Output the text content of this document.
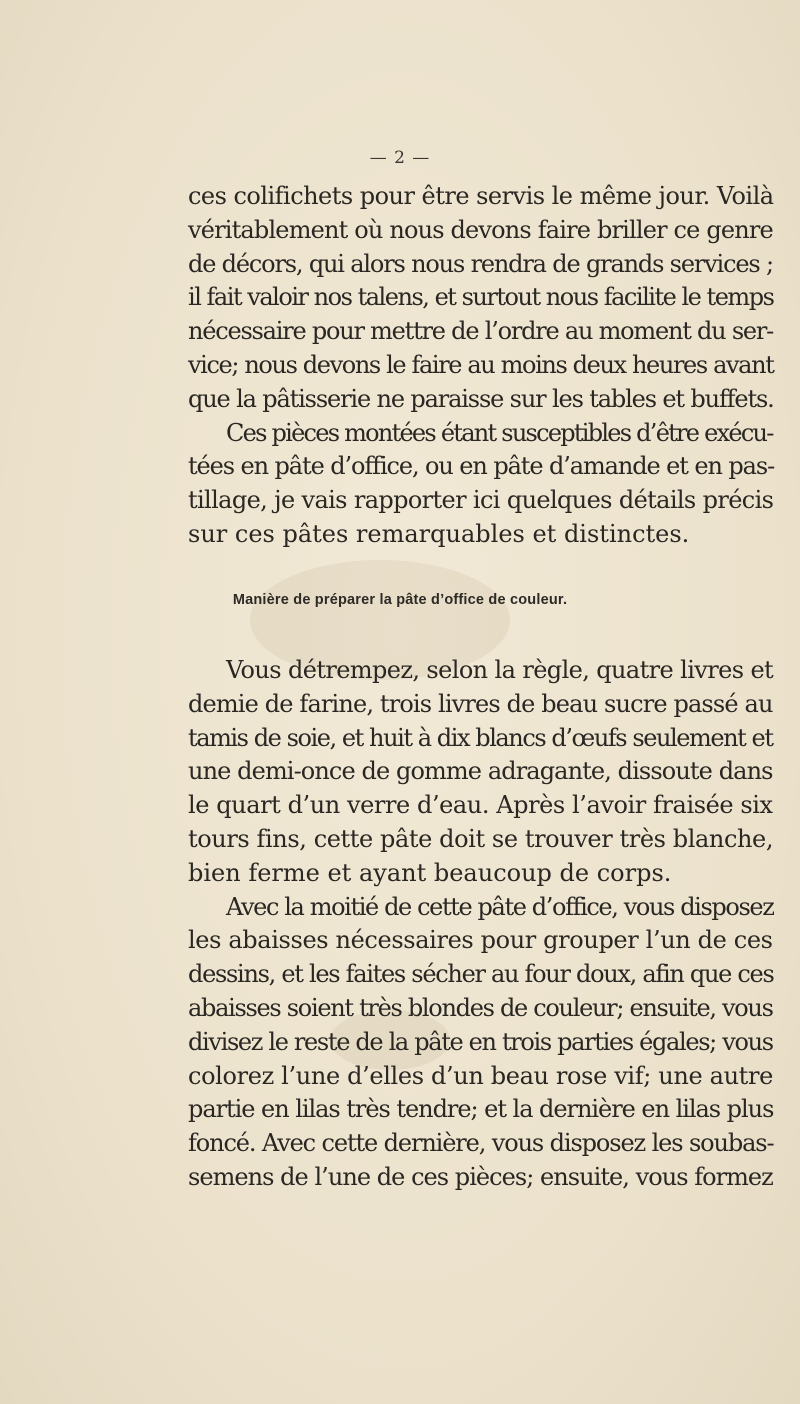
— 2 —
ces colifichets pour être servis le même jour. Voilà
véritablement où nous devons faire briller ce genre
de décors, qui alors nous rendra de grands services ;
il fait valoir nos talens, et surtout nous facilite le temps
nécessaire pour mettre de l’ordre au moment du ser-
vice; nous devons le faire au moins deux heures avant
que la pâtisserie ne paraisse sur les tables et buffets.
Ces pièces montées étant susceptibles d’être exécu-
tées en pâte d’office, ou en pâte d’amande et en pas-
tillage, je vais rapporter ici quelques détails précis
sur ces pâtes remarquables et distinctes.
Manière de préparer la pâte d’office de couleur.
Vous détrempez, selon la règle, quatre livres et
demie de farine, trois livres de beau sucre passé au
tamis de soie, et huit à dix blancs d’œufs seulement et
une demi-once de gomme adragante, dissoute dans
le quart d’un verre d’eau. Après l’avoir fraisée six
tours fins, cette pâte doit se trouver très blanche,
bien ferme et ayant beaucoup de corps.
Avec la moitié de cette pâte d’office, vous disposez
les abaisses nécessaires pour grouper l’un de ces
dessins, et les faites sécher au four doux, afin que ces
abaisses soient très blondes de couleur; ensuite, vous
divisez le reste de la pâte en trois parties égales; vous
colorez l’une d’elles d’un beau rose vif; une autre
partie en lilas très tendre; et la dernière en lilas plus
foncé. Avec cette dernière, vous disposez les soubas-
semens de l’une de ces pièces; ensuite, vous formez
